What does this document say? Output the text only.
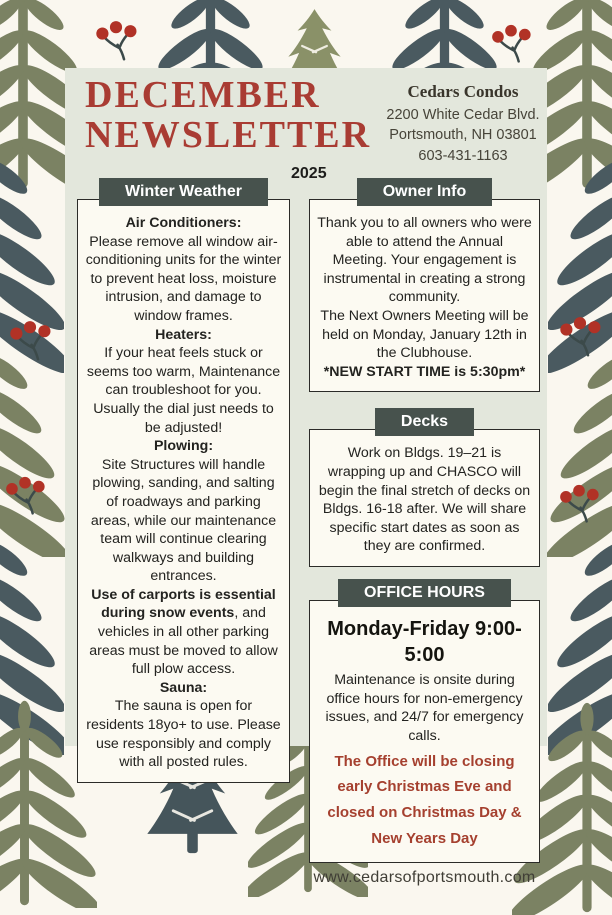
DECEMBER
NEWSLETTER
2025
Cedars Condos
2200 White Cedar Blvd.
Portsmouth, NH 03801
603-431-1163
Winter Weather
Air Conditioners:
Please remove all window air-conditioning units for the winter to prevent heat loss, moisture intrusion, and damage to window frames.
Heaters:
If your heat feels stuck or seems too warm, Maintenance can troubleshoot for you. Usually the dial just needs to be adjusted!
Plowing:
Site Structures will handle plowing, sanding, and salting of roadways and parking areas, while our maintenance team will continue clearing walkways and building entrances.
Use of carports is essential during snow events, and vehicles in all other parking areas must be moved to allow full plow access.
Sauna:
The sauna is open for residents 18yo+ to use. Please use responsibly and comply with all posted rules.
Owner Info
Thank you to all owners who were able to attend the Annual Meeting. Your engagement is instrumental in creating a strong community.
The Next Owners Meeting will be held on Monday, January 12th in the Clubhouse.
*NEW START TIME is 5:30pm*
Decks
Work on Bldgs. 19–21 is wrapping up and CHASCO will begin the final stretch of decks on Bldgs. 16-18 after. We will share specific start dates as soon as they are confirmed.
OFFICE HOURS
Monday-Friday 9:00-5:00
Maintenance is onsite during office hours for non-emergency issues, and 24/7 for emergency calls.
The Office will be closing early Christmas Eve and closed on Christmas Day & New Years Day
www.cedarsofportsmouth.com
